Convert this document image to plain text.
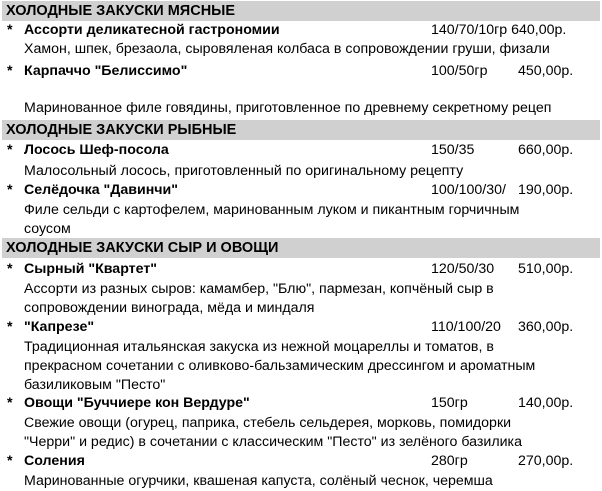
ХОЛОДНЫЕ ЗАКУСКИ МЯСНЫЕ
* Ассорти деликатесной гастрономии	140/70/10гр 640,00р.
Хамон, шпек, брезаола, сыровяленая колбаса в сопровождении груши, физали
* Карпаччо "Белиссимо"	100/50гр 450,00р.
Маринованное филе говядины, приготовленное по древнему секретному рецеп
ХОЛОДНЫЕ ЗАКУСКИ РЫБНЫЕ
* Лосось Шеф-посола	150/35	660,00р.
Малосольный лосось, приготовленный по оригинальному рецепту
* Селёдочка "Давинчи"	100/100/30/ 190,00р.
Филе сельди с картофелем, маринованным луком и пикантным горчичным
соусом
ХОЛОДНЫЕ ЗАКУСКИ СЫР И ОВОЩИ
* Сырный "Квартет"	120/50/30 510,00р.
Ассорти из разных сыров: камамбер, "Блю", пармезан, копчёный сыр в
сопровождении винограда, мёда и миндаля
* "Капрезе"	110/100/20 360,00р.
Традиционная итальянская закуска из нежной моцареллы и томатов, в
прекрасном сочетании с оливково-бальзамическим дрессингом и ароматным
базиликовым "Песто"
* Овощи "Буччиере кон Вердуре"	150гр	140,00р.
Свежие овощи (огурец, паприка, стебель сельдерея, морковь, помидорки
"Черри" и редис) в сочетании с классическим "Песто" из зелёного базилика
* Соления	280гр	270,00р.
Маринованные огурчики, квашеная капуста, солёный чеснок, черемша
